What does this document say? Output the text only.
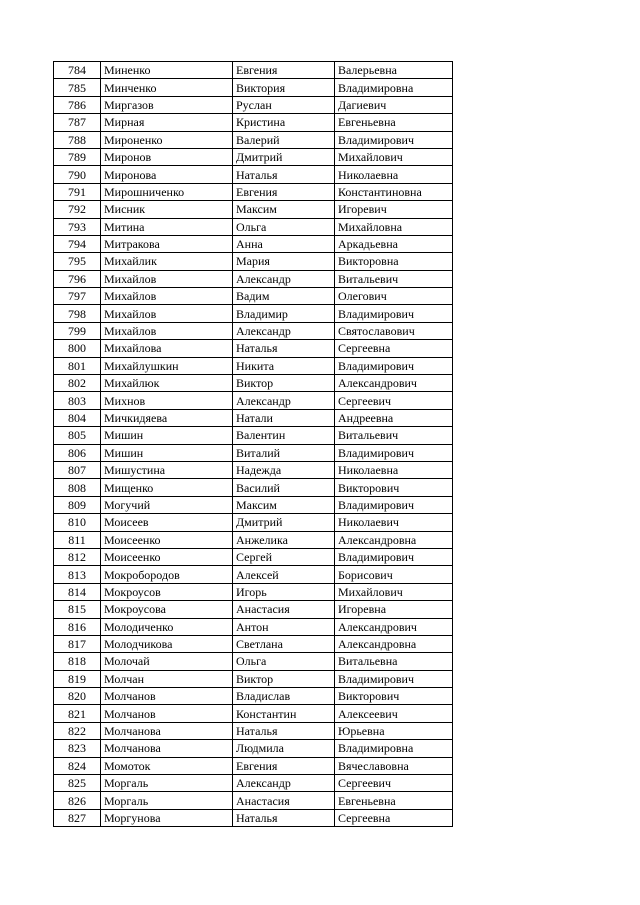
784	Миненко	Евгения	Валерьевна
785	Минченко	Виктория	Владимировна
786	Миргазов	Руслан	Дагиевич
787	Мирная	Кристина	Евгеньевна
788	Мироненко	Валерий	Владимирович
789	Миронов	Дмитрий	Михайлович
790	Миронова	Наталья	Николаевна
791	Мирошниченко	Евгения	Константиновна
792	Мисник	Максим	Игоревич
793	Митина	Ольга	Михайловна
794	Митракова	Анна	Аркадьевна
795	Михайлик	Мария	Викторовна
796	Михайлов	Александр	Витальевич
797	Михайлов	Вадим	Олегович
798	Михайлов	Владимир	Владимирович
799	Михайлов	Александр	Святославович
800	Михайлова	Наталья	Сергеевна
801	Михайлушкин	Никита	Владимирович
802	Михайлюк	Виктор	Александрович
803	Михнов	Александр	Сергеевич
804	Мичкидяева	Натали	Андреевна
805	Мишин	Валентин	Витальевич
806	Мишин	Виталий	Владимирович
807	Мишустина	Надежда	Николаевна
808	Мищенко	Василий	Викторович
809	Могучий	Максим	Владимирович
810	Моисеев	Дмитрий	Николаевич
811	Моисеенко	Анжелика	Александровна
812	Моисеенко	Сергей	Владимирович
813	Мокробородов	Алексей	Борисович
814	Мокроусов	Игорь	Михайлович
815	Мокроусова	Анастасия	Игоревна
816	Молодиченко	Антон	Александрович
817	Молодчикова	Светлана	Александровна
818	Молочай	Ольга	Витальевна
819	Молчан	Виктор	Владимирович
820	Молчанов	Владислав	Викторович
821	Молчанов	Константин	Алексеевич
822	Молчанова	Наталья	Юрьевна
823	Молчанова	Людмила	Владимировна
824	Момоток	Евгения	Вячеславовна
825	Моргаль	Александр	Сергеевич
826	Моргаль	Анастасия	Евгеньевна
827	Моргунова	Наталья	Сергеевна
